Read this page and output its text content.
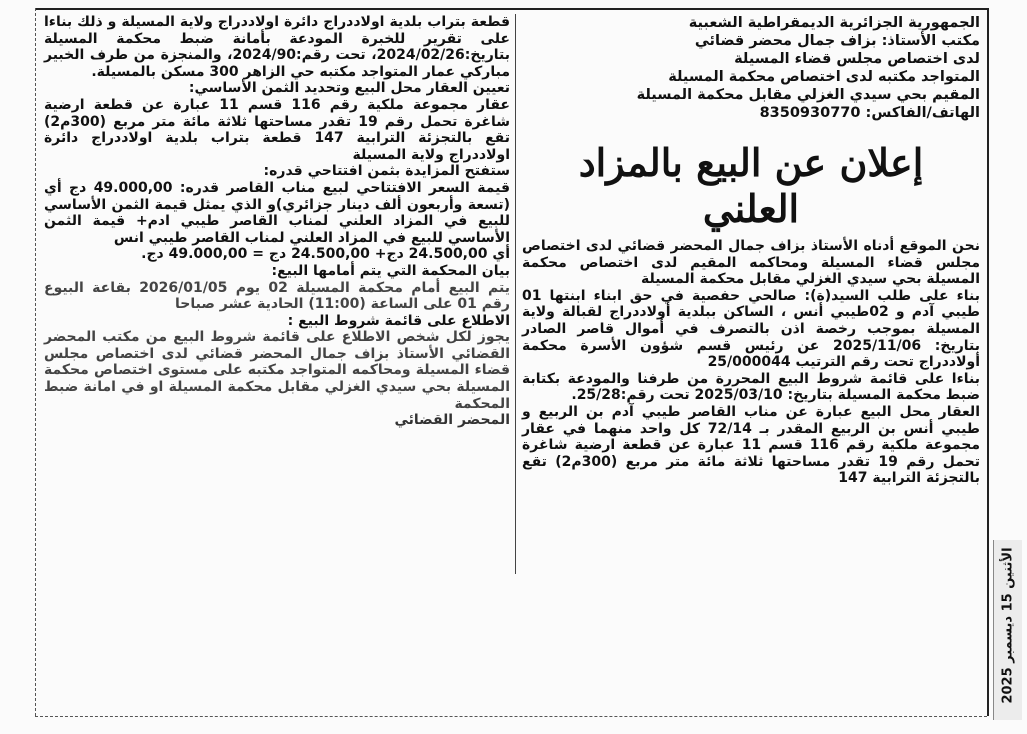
الجمهورية الجزائرية الديمقراطية الشعبية

مكتب الأستاذ: بزاف جمال محضر قضائي

لدى اختصاص مجلس قضاء المسيلة

المتواجد مكتبه لدى اختصاص محكمة المسيلة

المقيم بحي سيدي الغزلي مقابل محكمة المسيلة

الهاتف/الفاكس: 8350930770

إعلان عن البيع بالمزاد
العلني

نحن الموقع أدناه الأستاذ بزاف جمال المحضر قضائي لدى اختصاص مجلس قضاء المسيلة ومحاكمه المقيم لدى اختصاص محكمة المسيلة بحي سيدي الغزلي مقابل محكمة المسيلة

بناء على طلب السيد(ة): صالحي حفصية في حق ابناء ابنتها 01 طيبي آدم و 02طيبي أنس ، الساكن ببلدية أولاددراج لقبالة ولاية المسيلة بموجب رخصة اذن بالتصرف في أموال قاصر الصادر بتاريخ: 2025/11/06 عن رئيس قسم شؤون الأسرة محكمة أولاددراج تحت رقم الترتيب 25/000044

بناءا على قائمة شروط البيع المحررة من طرفنا والمودعة بكتابة ضبط محكمة المسيلة بتاريخ: 2025/03/10 تحت رقم:25/28.

العقار محل البيع عبارة عن مناب القاصر طيبي آدم بن الربيع و طيبي أنس بن الربيع المقدر بـ 72/14 كل واحد منهما في عقار مجموعة ملكية رقم 116 قسم 11 عبارة عن قطعة ارضية شاغرة تحمل رقم 19 تقدر مساحتها ثلاثة مائة متر مربع (300م2) تقع بالتجزئة الترابية 147

قطعة بتراب بلدية اولاددراج دائرة اولاددراج ولاية المسيلة و ذلك بناءا على تقرير للخبرة المودعة بأمانة ضبط محكمة المسيلة بتاريخ:2024/02/26، تحت رقم:2024/90، والمنجزة من طرف الخبير مباركي عمار المتواجد مكتبه حي الزاهر 300 مسكن بالمسيلة.

تعيين العقار محل البيع وتحديد الثمن الأساسي:

عقار مجموعة ملكية رقم 116 قسم 11 عبارة عن قطعة ارضية شاغرة تحمل رقم 19 تقدر مساحتها ثلاثة مائة متر مربع (300م2) تقع بالتجزئة الترابية 147 قطعة بتراب بلدية اولاددراج دائرة اولاددراج ولاية المسيلة

ستفتح المزايدة بثمن افتتاحي قدره:

قيمة السعر الافتتاحي لبيع مناب القاصر قدره: 49.000,00 دج أي (تسعة وأربعون ألف دينار جزائري)و الذي يمثل قيمة الثمن الأساسي للبيع في المزاد العلني لمناب القاصر طيبي ادم+ قيمة الثمن الأساسي للبيع في المزاد العلني لمناب القاصر طيبي انس

أي 24.500,00 دج+ 24.500,00 دج = 49.000,00 دج.

بيان المحكمة التي يتم أمامها البيع:

يتم البيع أمام محكمة المسيلة 02 يوم 2026/01/05 بقاعة البيوع رقم 01 على الساعة (11:00) الحادية عشر صباحا

الاطلاع على قائمة شروط البيع :

يجوز لكل شخص الاطلاع على قائمة شروط البيع من مكتب المحضر القضائي الأستاذ بزاف جمال المحضر قضائي لدى اختصاص مجلس قضاء المسيلة ومحاكمه المتواجد مكتبه على مستوى اختصاص محكمة المسيلة بحي سيدي الغزلي مقابل محكمة المسيلة او في امانة ضبط المحكمة

المحضر القضائي

الأثنين 15 ديسمبر 2025
